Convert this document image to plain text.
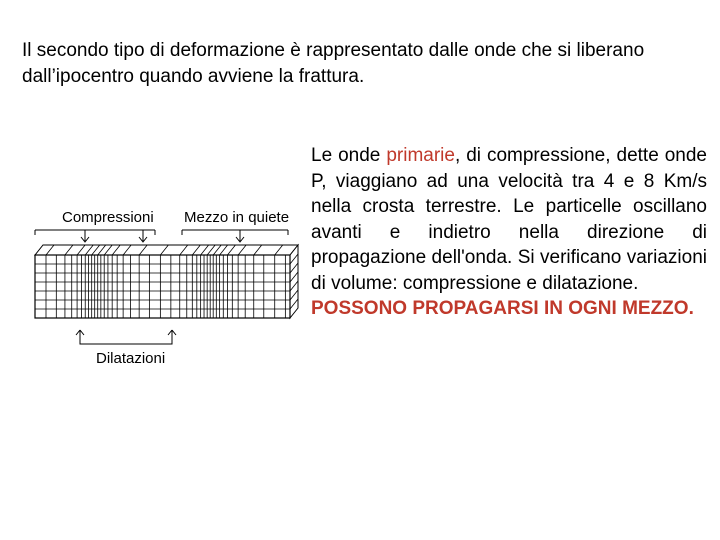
Il secondo tipo di deformazione è rappresentato dalle onde che si liberano dall’ipocentro quando avviene la frattura.

Compressioni Mezzo in quiete
Dilatazioni

Le onde primarie, di compressione, dette onde P, viaggiano ad una velocità tra 4 e 8 Km/s nella crosta terrestre. Le particelle oscillano avanti e indietro nella direzione di propagazione dell'onda. Si verificano variazioni di volume: compressione e dilatazione.
POSSONO PROPAGARSI IN OGNI MEZZO.
